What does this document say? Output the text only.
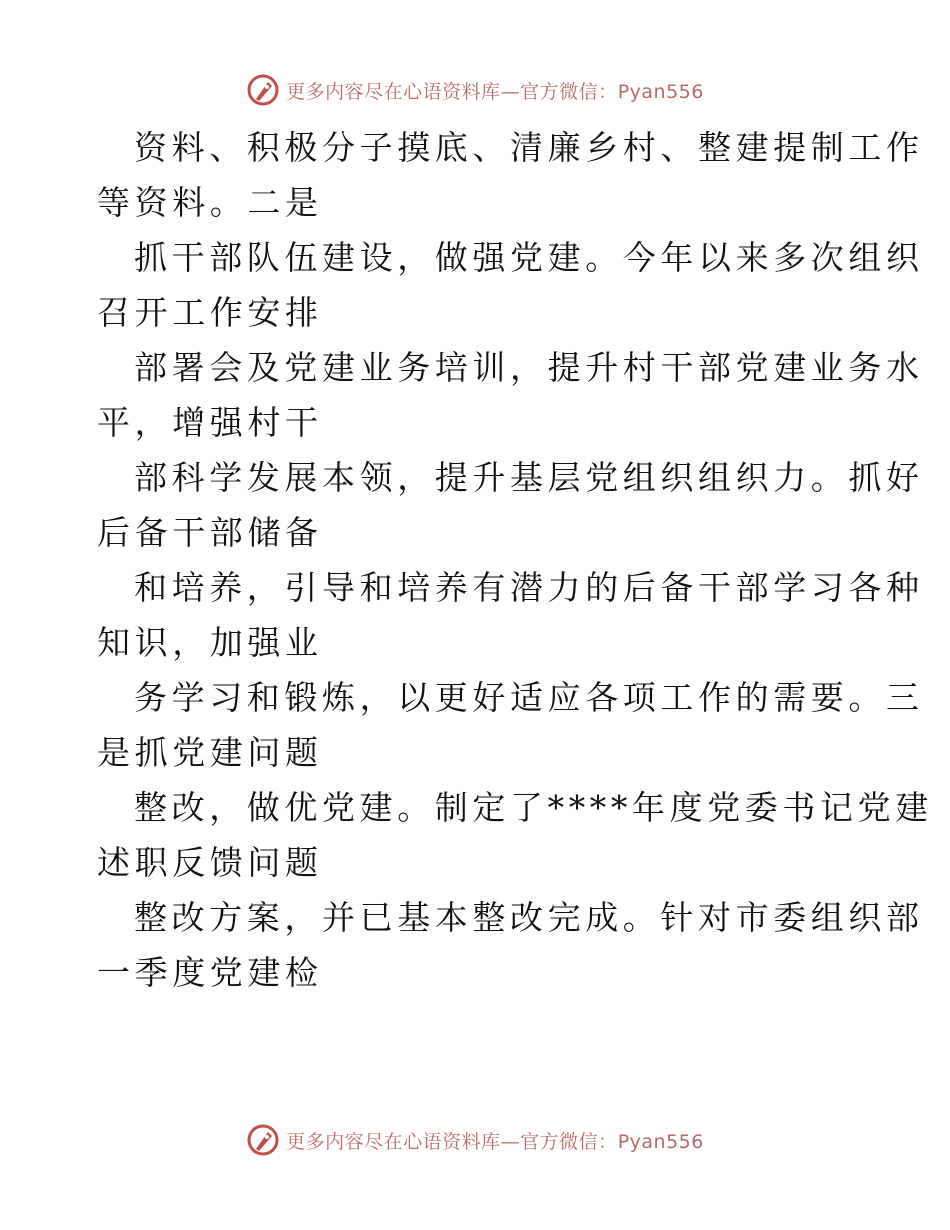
更多内容尽在心语资料库—官方微信：Pyan556
资料、积极分子摸底、清廉乡村、整建提制工作
等资料。二是
抓干部队伍建设，做强党建。今年以来多次组织
召开工作安排
部署会及党建业务培训，提升村干部党建业务水
平，增强村干
部科学发展本领，提升基层党组织组织力。抓好
后备干部储备
和培养，引导和培养有潜力的后备干部学习各种
知识，加强业
务学习和锻炼，以更好适应各项工作的需要。三
是抓党建问题
整改，做优党建。制定了****年度党委书记党建
述职反馈问题
整改方案，并已基本整改完成。针对市委组织部
一季度党建检
更多内容尽在心语资料库—官方微信：Pyan556
